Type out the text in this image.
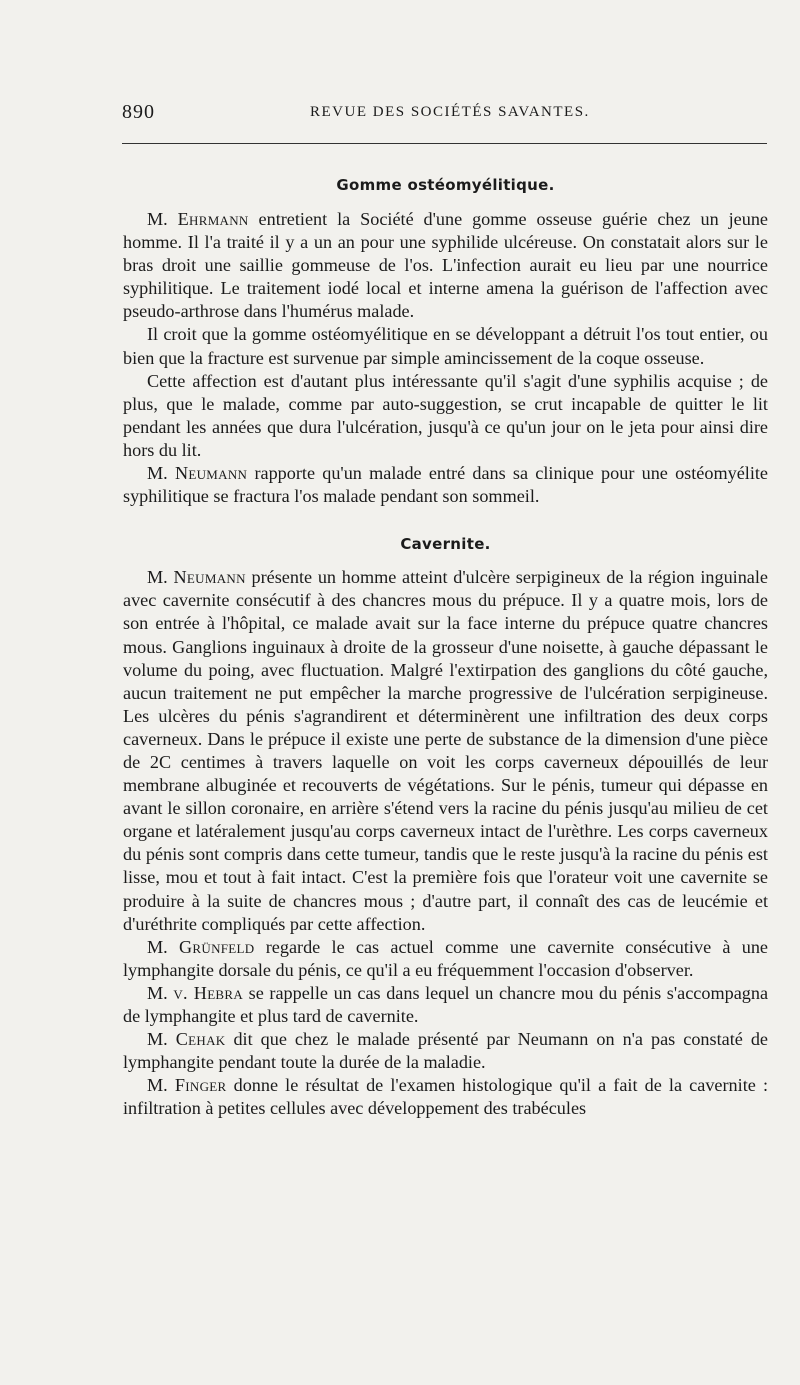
890	REVUE DES SOCIÉTÉS SAVANTES.
Gomme ostéomyélitique.

M. Ehrmann entretient la Société d'une gomme osseuse guérie chez un jeune homme. Il l'a traité il y a un an pour une syphilide ulcéreuse. On constatait alors sur le bras droit une saillie gommeuse de l'os. L'infection aurait eu lieu par une nourrice syphilitique. Le traitement iodé local et interne amena la guérison de l'affection avec pseudo-arthrose dans l'humérus malade.

Il croit que la gomme ostéomyélitique en se développant a détruit l'os tout entier, ou bien que la fracture est survenue par simple amincissement de la coque osseuse.

Cette affection est d'autant plus intéressante qu'il s'agit d'une syphilis acquise ; de plus, que le malade, comme par auto-suggestion, se crut incapable de quitter le lit pendant les années que dura l'ulcération, jusqu'à ce qu'un jour on le jeta pour ainsi dire hors du lit.

M. Neumann rapporte qu'un malade entré dans sa clinique pour une ostéomyélite syphilitique se fractura l'os malade pendant son sommeil.

Cavernite.

M. Neumann présente un homme atteint d'ulcère serpigineux de la région inguinale avec cavernite consécutif à des chancres mous du prépuce. Il y a quatre mois, lors de son entrée à l'hôpital, ce malade avait sur la face interne du prépuce quatre chancres mous. Ganglions inguinaux à droite de la grosseur d'une noisette, à gauche dépassant le volume du poing, avec fluctuation. Malgré l'extirpation des ganglions du côté gauche, aucun traitement ne put empêcher la marche progressive de l'ulcération serpigineuse. Les ulcères du pénis s'agrandirent et déterminèrent une infiltration des deux corps caverneux. Dans le prépuce il existe une perte de substance de la dimension d'une pièce de 2C centimes à travers laquelle on voit les corps caverneux dépouillés de leur membrane albuginée et recouverts de végétations. Sur le pénis, tumeur qui dépasse en avant le sillon coronaire, en arrière s'étend vers la racine du pénis jusqu'au milieu de cet organe et latéralement jusqu'au corps caverneux intact de l'urèthre. Les corps caverneux du pénis sont compris dans cette tumeur, tandis que le reste jusqu'à la racine du pénis est lisse, mou et tout à fait intact. C'est la première fois que l'orateur voit une cavernite se produire à la suite de chancres mous ; d'autre part, il connaît des cas de leucémie et d'uréthrite compliqués par cette affection.

M. Grünfeld regarde le cas actuel comme une cavernite consécutive à une lymphangite dorsale du pénis, ce qu'il a eu fréquemment l'occasion d'observer.

M. v. Hebra se rappelle un cas dans lequel un chancre mou du pénis s'accompagna de lymphangite et plus tard de cavernite.

M. Cehak dit que chez le malade présenté par Neumann on n'a pas constaté de lymphangite pendant toute la durée de la maladie.

M. Finger donne le résultat de l'examen histologique qu'il a fait de la cavernite : infiltration à petites cellules avec développement des trabécules
